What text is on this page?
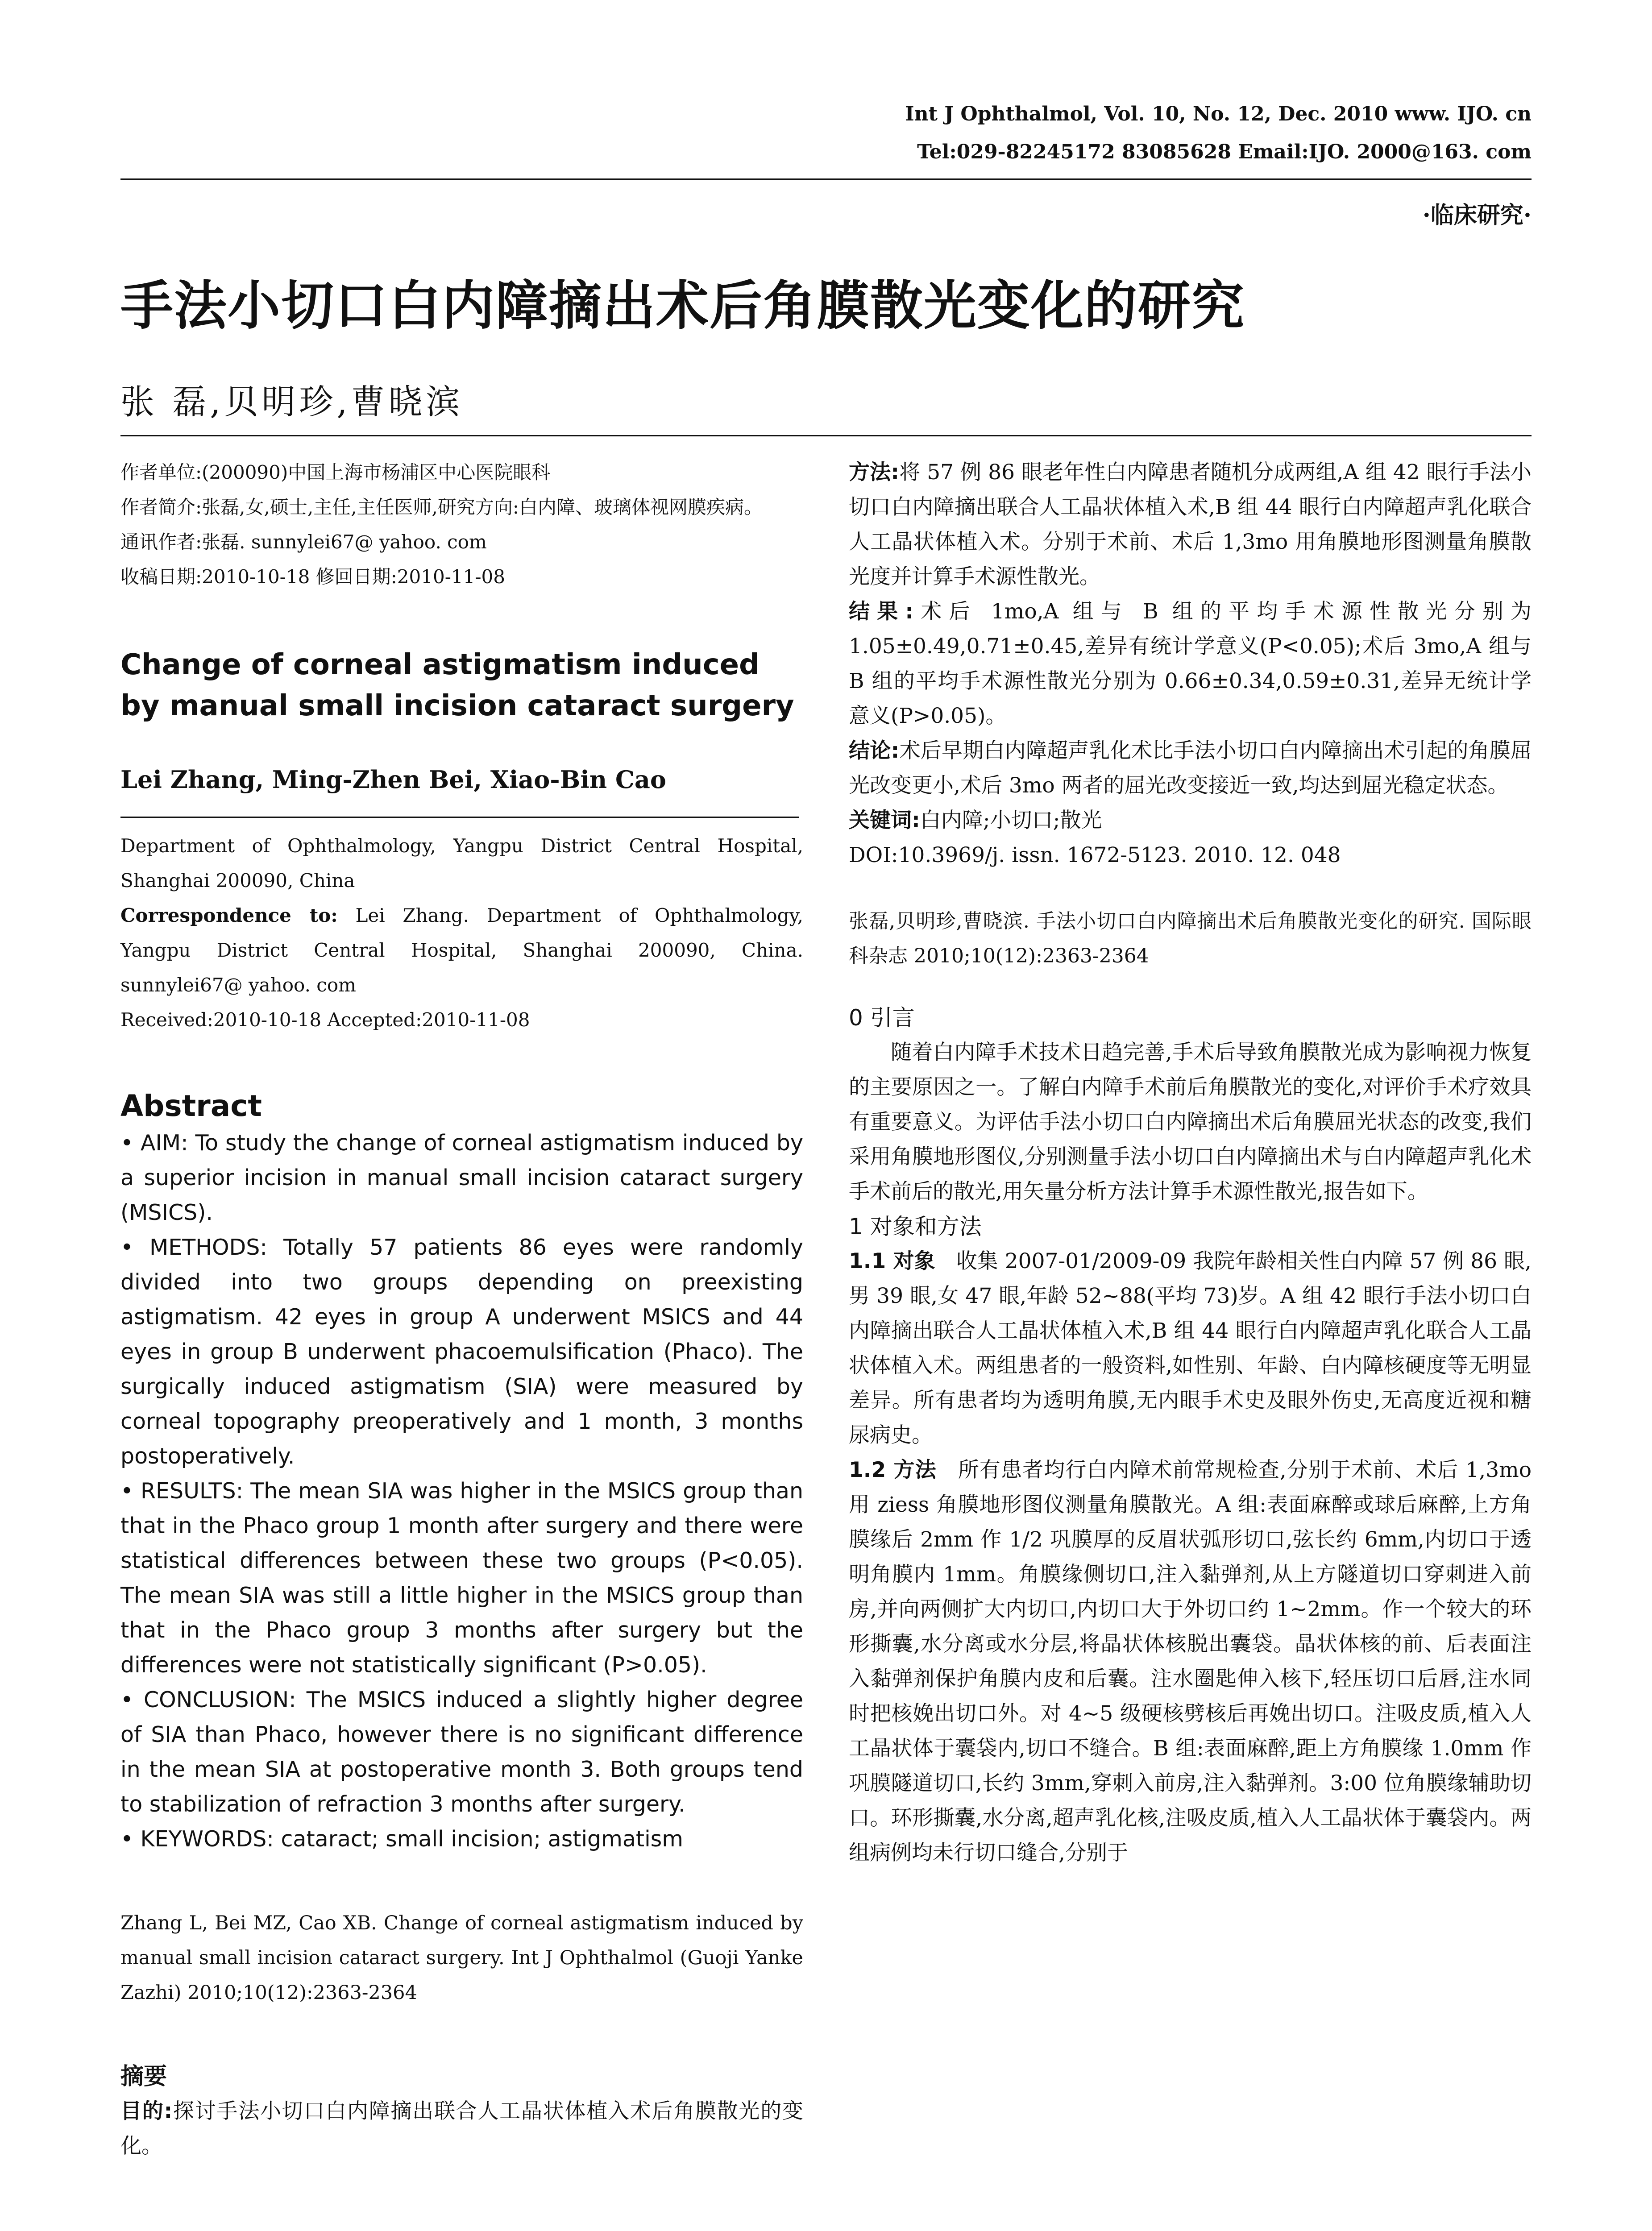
Int J Ophthalmol, Vol. 10, No. 12, Dec. 2010 www. IJO. cn
Tel:029-82245172 83085628 Email:IJO. 2000@163. com
·临床研究·
手法小切口白内障摘出术后角膜散光变化的研究
张 磊,贝明珍,曹晓滨

作者单位:(200090)中国上海市杨浦区中心医院眼科

作者简介:张磊,女,硕士,主任,主任医师,研究方向:白内障、玻璃体视网膜疾病。

通讯作者:张磊. sunnylei67@ yahoo. com

收稿日期:2010-10-18 修回日期:2010-11-08

Change of corneal astigmatism induced by manual small incision cataract surgery
Lei Zhang, Ming-Zhen Bei, Xiao-Bin Cao

Department of Ophthalmology, Yangpu District Central Hospital, Shanghai 200090, China

Correspondence to: Lei Zhang. Department of Ophthalmology, Yangpu District Central Hospital, Shanghai 200090, China. sunnylei67@ yahoo. com

Received:2010-10-18 Accepted:2010-11-08

Abstract

• AIM: To study the change of corneal astigmatism induced by a superior incision in manual small incision cataract surgery (MSICS).

• METHODS: Totally 57 patients 86 eyes were randomly divided into two groups depending on preexisting astigmatism. 42 eyes in group A underwent MSICS and 44 eyes in group B underwent phacoemulsification (Phaco). The surgically induced astigmatism (SIA) were measured by corneal topography preoperatively and 1 month, 3 months postoperatively.

• RESULTS: The mean SIA was higher in the MSICS group than that in the Phaco group 1 month after surgery and there were statistical differences between these two groups (P<0.05). The mean SIA was still a little higher in the MSICS group than that in the Phaco group 3 months after surgery but the differences were not statistically significant (P>0.05).

• CONCLUSION: The MSICS induced a slightly higher degree of SIA than Phaco, however there is no significant difference in the mean SIA at postoperative month 3. Both groups tend to stabilization of refraction 3 months after surgery.

• KEYWORDS: cataract; small incision; astigmatism

Zhang L, Bei MZ, Cao XB. Change of corneal astigmatism induced by manual small incision cataract surgery. Int J Ophthalmol (Guoji Yanke Zazhi) 2010;10(12):2363-2364

摘要

目的:探讨手法小切口白内障摘出联合人工晶状体植入术后角膜散光的变化。

方法:将 57 例 86 眼老年性白内障患者随机分成两组,A 组 42 眼行手法小切口白内障摘出联合人工晶状体植入术,B 组 44 眼行白内障超声乳化联合人工晶状体植入术。分别于术前、术后 1,3mo 用角膜地形图测量角膜散光度并计算手术源性散光。

结果:术后 1mo,A 组与 B 组的平均手术源性散光分别为 1.05±0.49,0.71±0.45,差异有统计学意义(P<0.05);术后 3mo,A 组与 B 组的平均手术源性散光分别为 0.66±0.34,0.59±0.31,差异无统计学意义(P>0.05)。

结论:术后早期白内障超声乳化术比手法小切口白内障摘出术引起的角膜屈光改变更小,术后 3mo 两者的屈光改变接近一致,均达到屈光稳定状态。

关键词:白内障;小切口;散光

DOI:10.3969/j. issn. 1672-5123. 2010. 12. 048

张磊,贝明珍,曹晓滨. 手法小切口白内障摘出术后角膜散光变化的研究. 国际眼科杂志 2010;10(12):2363-2364

0 引言

随着白内障手术技术日趋完善,手术后导致角膜散光成为影响视力恢复的主要原因之一。了解白内障手术前后角膜散光的变化,对评价手术疗效具有重要意义。为评估手法小切口白内障摘出术后角膜屈光状态的改变,我们采用角膜地形图仪,分别测量手法小切口白内障摘出术与白内障超声乳化术手术前后的散光,用矢量分析方法计算手术源性散光,报告如下。

1 对象和方法

1.1 对象　 收集 2007-01/2009-09 我院年龄相关性白内障 57 例 86 眼,男 39 眼,女 47 眼,年龄 52~88(平均 73)岁。A 组 42 眼行手法小切口白内障摘出联合人工晶状体植入术,B 组 44 眼行白内障超声乳化联合人工晶状体植入术。两组患者的一般资料,如性别、年龄、白内障核硬度等无明显差异。所有患者均为透明角膜,无内眼手术史及眼外伤史,无高度近视和糖尿病史。

1.2 方法　 所有患者均行白内障术前常规检查,分别于术前、术后 1,3mo 用 ziess 角膜地形图仪测量角膜散光。A 组:表面麻醉或球后麻醉,上方角膜缘后 2mm 作 1/2 巩膜厚的反眉状弧形切口,弦长约 6mm,内切口于透明角膜内 1mm。角膜缘侧切口,注入黏弹剂,从上方隧道切口穿刺进入前房,并向两侧扩大内切口,内切口大于外切口约 1~2mm。作一个较大的环形撕囊,水分离或水分层,将晶状体核脱出囊袋。晶状体核的前、后表面注入黏弹剂保护角膜内皮和后囊。注水圈匙伸入核下,轻压切口后唇,注水同时把核娩出切口外。对 4~5 级硬核劈核后再娩出切口。注吸皮质,植入人工晶状体于囊袋内,切口不缝合。B 组:表面麻醉,距上方角膜缘 1.0mm 作巩膜隧道切口,长约 3mm,穿刺入前房,注入黏弹剂。3:00 位角膜缘辅助切口。环形撕囊,水分离,超声乳化核,注吸皮质,植入人工晶状体于囊袋内。两组病例均未行切口缝合,分别于
